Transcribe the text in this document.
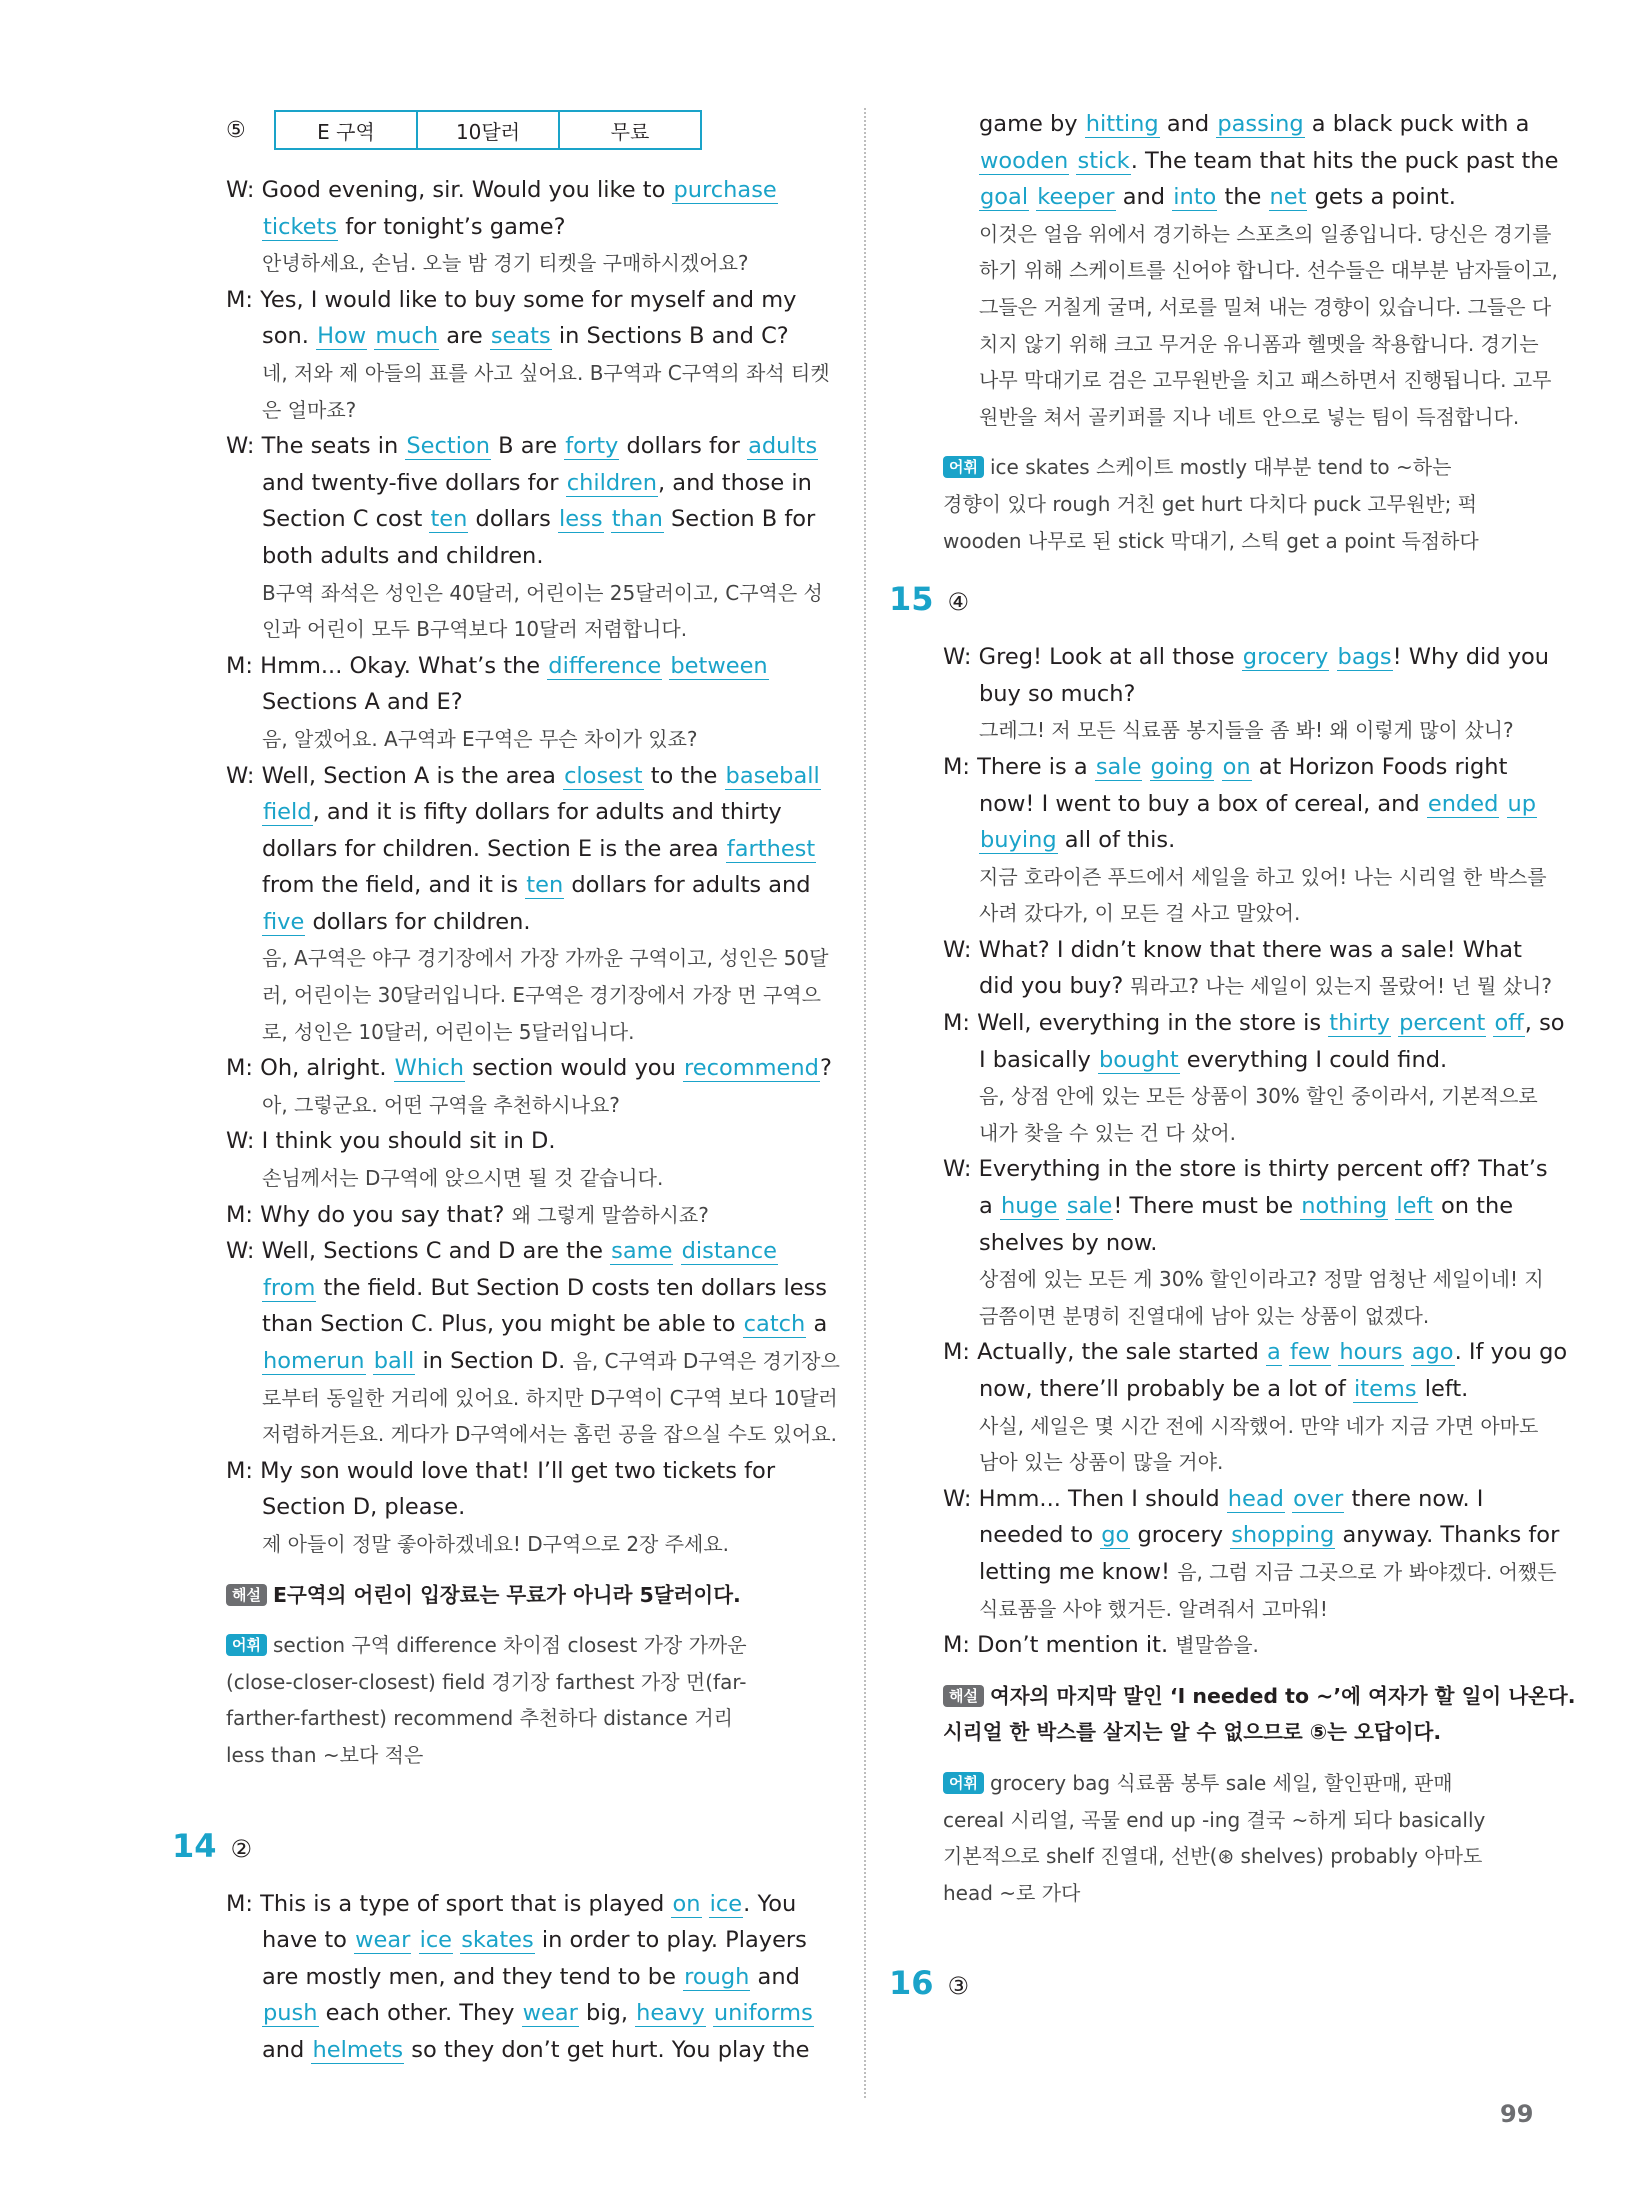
⑤	E 구역	10달러	무료
W: Good evening, sir. Would you like to purchase
tickets for tonight’s game?
안녕하세요, 손님. 오늘 밤 경기 티켓을 구매하시겠어요?
M: Yes, I would like to buy some for myself and my
son. How much are seats in Sections B and C?
네, 저와 제 아들의 표를 사고 싶어요. B구역과 C구역의 좌석 티켓
은 얼마죠?
W: The seats in Section B are forty dollars for adults
and twenty-five dollars for children, and those in
Section C cost ten dollars less than Section B for
both adults and children.
B구역 좌석은 성인은 40달러, 어린이는 25달러이고, C구역은 성
인과 어린이 모두 B구역보다 10달러 저렴합니다.
M: Hmm... Okay. What’s the difference between
Sections A and E?
음, 알겠어요. A구역과 E구역은 무슨 차이가 있죠?
W: Well, Section A is the area closest to the baseball
field, and it is fifty dollars for adults and thirty
dollars for children. Section E is the area farthest
from the field, and it is ten dollars for adults and
five dollars for children.
음, A구역은 야구 경기장에서 가장 가까운 구역이고, 성인은 50달
러, 어린이는 30달러입니다. E구역은 경기장에서 가장 먼 구역으
로, 성인은 10달러, 어린이는 5달러입니다.
M: Oh, alright. Which section would you recommend?
아, 그렇군요. 어떤 구역을 추천하시나요?
W: I think you should sit in D.
손님께서는 D구역에 앉으시면 될 것 같습니다.
M: Why do you say that? 왜 그렇게 말씀하시죠?
W: Well, Sections C and D are the same distance
from the field. But Section D costs ten dollars less
than Section C. Plus, you might be able to catch a
homerun ball in Section D. 음, C구역과 D구역은 경기장으
로부터 동일한 거리에 있어요. 하지만 D구역이 C구역 보다 10달러
저렴하거든요. 게다가 D구역에서는 홈런 공을 잡으실 수도 있어요.
M: My son would love that! I’ll get two tickets for
Section D, please.
제 아들이 정말 좋아하겠네요! D구역으로 2장 주세요.
해설 E구역의 어린이 입장료는 무료가 아니라 5달러이다.
어휘 section 구역 difference 차이점 closest 가장 가까운
(close-closer-closest) field 경기장 farthest 가장 먼(far-
farther-farthest) recommend 추천하다 distance 거리
less than ~보다 적은
14 ②
M: This is a type of sport that is played on ice. You
have to wear ice skates in order to play. Players
are mostly men, and they tend to be rough and
push each other. They wear big, heavy uniforms
and helmets so they don’t get hurt. You play the
game by hitting and passing a black puck with a
wooden stick. The team that hits the puck past the
goal keeper and into the net gets a point.
이것은 얼음 위에서 경기하는 스포츠의 일종입니다. 당신은 경기를
하기 위해 스케이트를 신어야 합니다. 선수들은 대부분 남자들이고,
그들은 거칠게 굴며, 서로를 밀쳐 내는 경향이 있습니다. 그들은 다
치지 않기 위해 크고 무거운 유니폼과 헬멧을 착용합니다. 경기는
나무 막대기로 검은 고무원반을 치고 패스하면서 진행됩니다. 고무
원반을 쳐서 골키퍼를 지나 네트 안으로 넣는 팀이 득점합니다.
어휘 ice skates 스케이트 mostly 대부분 tend to ~하는
경향이 있다 rough 거친 get hurt 다치다 puck 고무원반; 퍽
wooden 나무로 된 stick 막대기, 스틱 get a point 득점하다
15 ④
W: Greg! Look at all those grocery bags! Why did you
buy so much?
그레그! 저 모든 식료품 봉지들을 좀 봐! 왜 이렇게 많이 샀니?
M: There is a sale going on at Horizon Foods right
now! I went to buy a box of cereal, and ended up
buying all of this.
지금 호라이즌 푸드에서 세일을 하고 있어! 나는 시리얼 한 박스를
사려 갔다가, 이 모든 걸 사고 말았어.
W: What? I didn’t know that there was a sale! What
did you buy? 뭐라고? 나는 세일이 있는지 몰랐어! 넌 뭘 샀니?
M: Well, everything in the store is thirty percent off, so
I basically bought everything I could find.
음, 상점 안에 있는 모든 상품이 30% 할인 중이라서, 기본적으로
내가 찾을 수 있는 건 다 샀어.
W: Everything in the store is thirty percent off? That’s
a huge sale! There must be nothing left on the
shelves by now.
상점에 있는 모든 게 30% 할인이라고? 정말 엄청난 세일이네! 지
금쯤이면 분명히 진열대에 남아 있는 상품이 없겠다.
M: Actually, the sale started a few hours ago. If you go
now, there’ll probably be a lot of items left.
사실, 세일은 몇 시간 전에 시작했어. 만약 네가 지금 가면 아마도
남아 있는 상품이 많을 거야.
W: Hmm... Then I should head over there now. I
needed to go grocery shopping anyway. Thanks for
letting me know! 음, 그럼 지금 그곳으로 가 봐야겠다. 어쨌든
식료품을 사야 했거든. 알려줘서 고마워!
M: Don’t mention it. 별말씀을.
해설 여자의 마지막 말인 ‘I needed to ~’에 여자가 할 일이 나온다.
시리얼 한 박스를 살지는 알 수 없으므로 ⑤는 오답이다.
어휘 grocery bag 식료품 봉투 sale 세일, 할인판매, 판매
cereal 시리얼, 곡물 end up -ing 결국 ~하게 되다 basically
기본적으로 shelf 진열대, 선반(⊛ shelves) probably 아마도
head ~로 가다
16 ③
99
